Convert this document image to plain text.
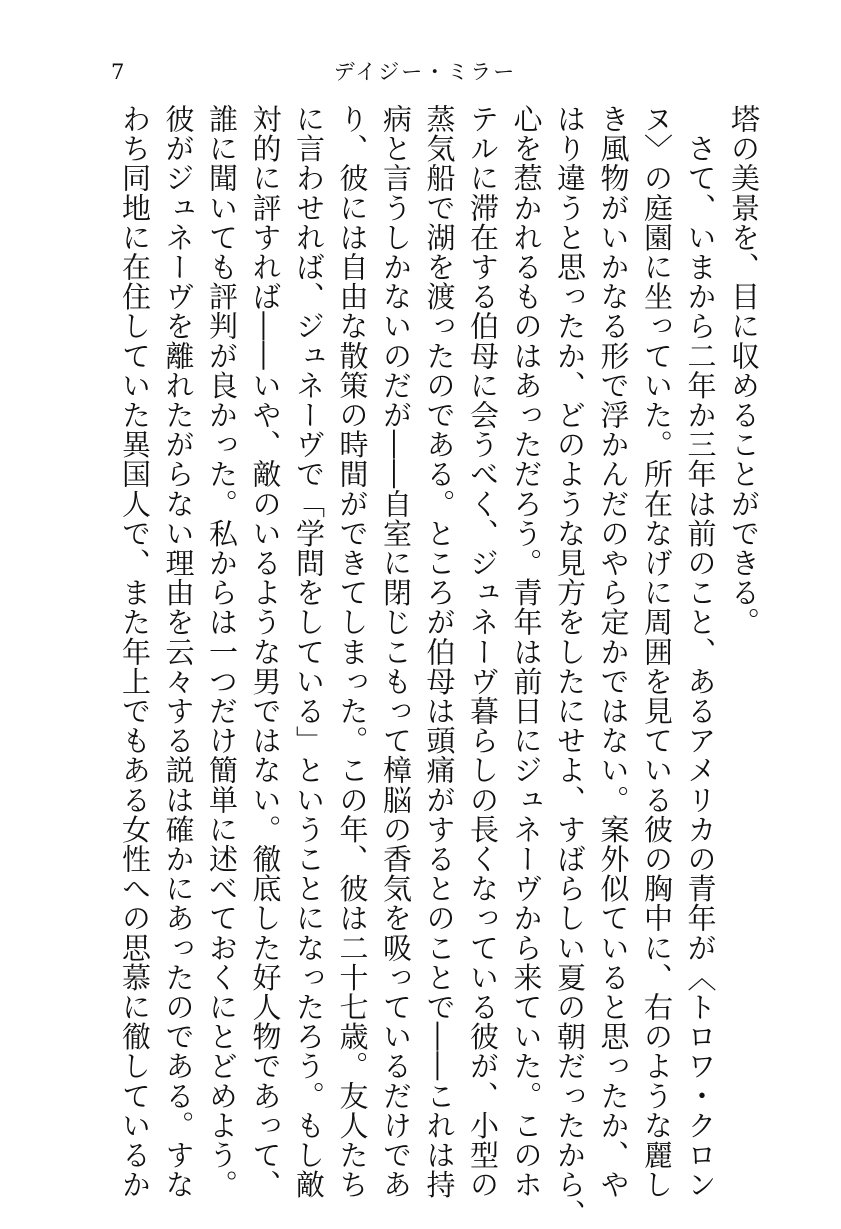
7	デイジー・ミラー
塔の美景を、目に収めることができる。
　さて、いまから二年か三年は前のこと、あるアメリカの青年が〈トロワ・クロン
ヌ〉の庭園に坐っていた。所在なげに周囲を見ている彼の胸中に、右のような麗し
き風物がいかなる形で浮かんだのやら定かではない。案外似ていると思ったか、や
はり違うと思ったか、どのような見方をしたにせよ、すばらしい夏の朝だったから、
心を惹かれるものはあっただろう。青年は前日にジュネーヴから来ていた。このホ
テルに滞在する伯母に会うべく、ジュネーヴ暮らしの長くなっている彼が、小型の
蒸気船で湖を渡ったのである。ところが伯母は頭痛がするとのことで――これは持
病と言うしかないのだが――自室に閉じこもって樟脳の香気を吸っているだけであ
り、彼には自由な散策の時間ができてしまった。この年、彼は二十七歳。友人たち
に言わせれば、ジュネーヴで「学問をしている」ということになったろう。もし敵
対的に評すれば――いや、敵のいるような男ではない。徹底した好人物であって、
誰に聞いても評判が良かった。私からは一つだけ簡単に述べておくにとどめよう。
彼がジュネーヴを離れたがらない理由を云々する説は確かにあったのである。すな
わち同地に在住していた異国人で、また年上でもある女性への思慕に徹しているか
